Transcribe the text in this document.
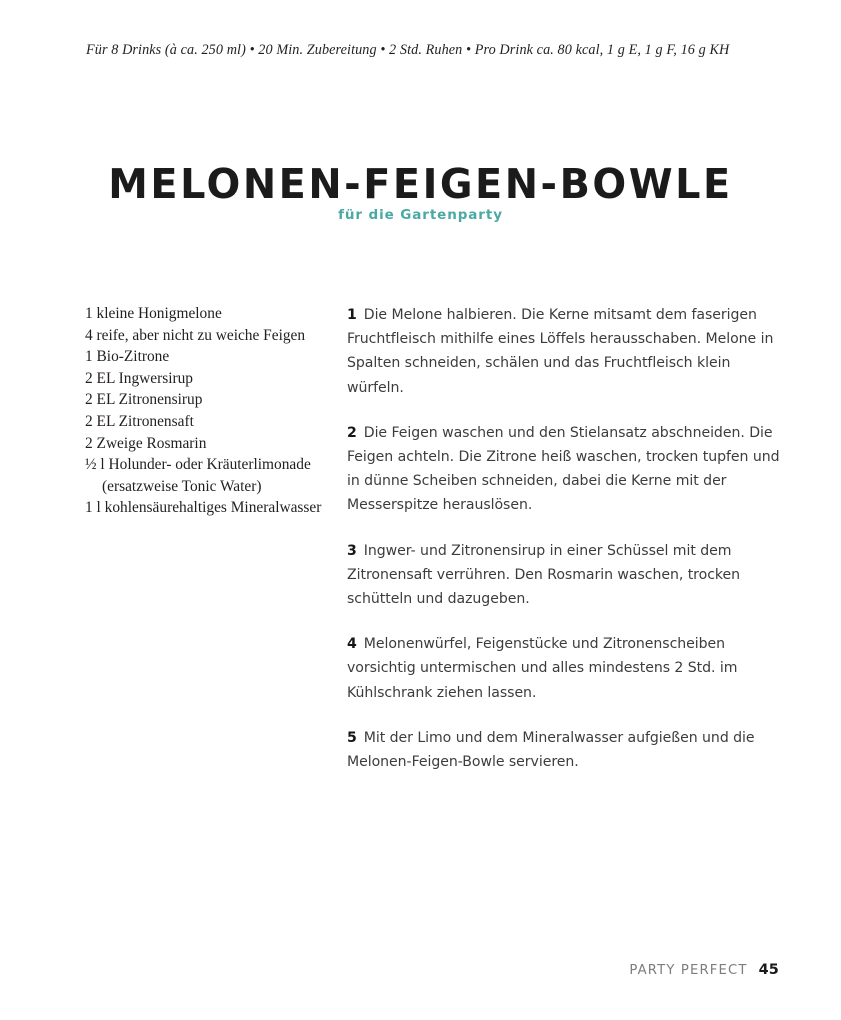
Für 8 Drinks (à ca. 250 ml) • 20 Min. Zubereitung • 2 Std. Ruhen • Pro Drink ca. 80 kcal, 1 g E, 1 g F, 16 g KH
MELONEN-FEIGEN-BOWLE
für die Gartenparty

1 kleine Honigmelone

4 reife, aber nicht zu weiche Feigen

1 Bio-Zitrone

2 EL Ingwersirup

2 EL Zitronensirup

2 EL Zitronensaft

2 Zweige Rosmarin

½ l Holunder- oder Kräuterlimonade (ersatzweise Tonic Water)

1 l kohlensäurehaltiges Mineralwasser

1 Die Melone halbieren. Die Kerne mitsamt dem faserigen Fruchtfleisch mithilfe eines Löffels herausschaben. Melone in Spalten schneiden, schälen und das Fruchtfleisch klein würfeln.

2 Die Feigen waschen und den Stielansatz abschneiden. Die Feigen achteln. Die Zitrone heiß waschen, trocken tupfen und in dünne Scheiben schneiden, dabei die Kerne mit der Messerspitze herauslösen.

3 Ingwer- und Zitronensirup in einer Schüssel mit dem Zitronensaft verrühren. Den Rosmarin waschen, trocken schütteln und dazugeben.

4 Melonenwürfel, Feigenstücke und Zitronenscheiben vorsichtig untermischen und alles mindestens 2 Std. im Kühlschrank ziehen lassen.

5 Mit der Limo und dem Mineralwasser aufgießen und die Melonen-Feigen-Bowle servieren.

PARTY PERFECT 45
